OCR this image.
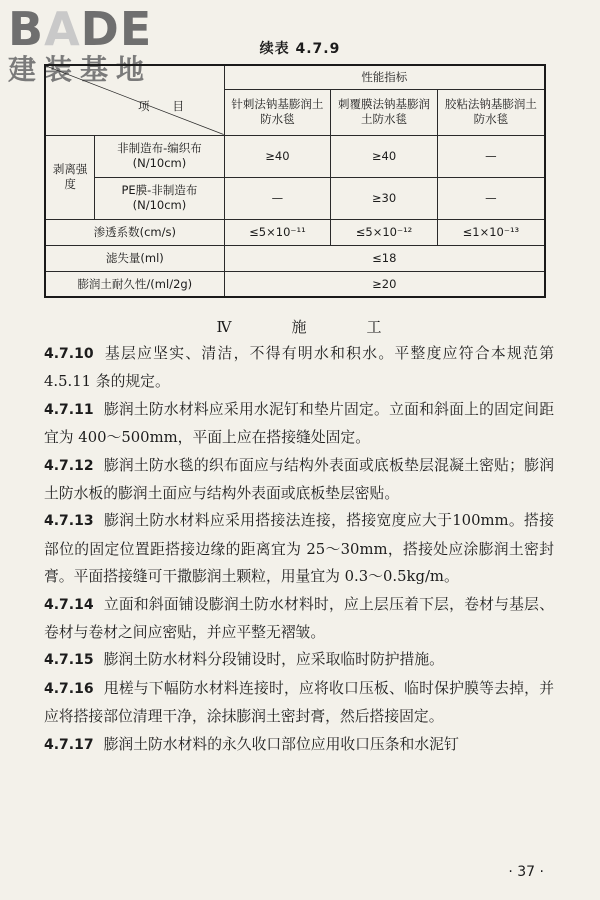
BADE
建装基地
续表 4.7.9
项　　目		性能指标		
		针刺法钠基膨润土防水毯	刺覆膜法钠基膨润土防水毯	胶粘法钠基膨润土防水毯
剥离强度	非制造布-编织布(N/10cm)	≥40	≥40	—
	PE膜-非制造布(N/10cm)	—	≥30	—
渗透系数(cm/s)		≤5×10⁻¹¹	≤5×10⁻¹²	≤1×10⁻¹³
滤失量(ml)		≤18		
膨润土耐久性/(ml/2g)		≥20		
Ⅳ	施	工

4.7.10 基层应坚实、清洁，不得有明水和积水。平整度应符合本规范第 4.5.11 条的规定。

4.7.11 膨润土防水材料应采用水泥钉和垫片固定。立面和斜面上的固定间距宜为 400～500mm，平面上应在搭接缝处固定。

4.7.12 膨润土防水毯的织布面应与结构外表面或底板垫层混凝土密贴；膨润土防水板的膨润土面应与结构外表面或底板垫层密贴。

4.7.13 膨润土防水材料应采用搭接法连接，搭接宽度应大于100mm。搭接部位的固定位置距搭接边缘的距离宜为 25～30mm，搭接处应涂膨润土密封膏。平面搭接缝可干撒膨润土颗粒，用量宜为 0.3～0.5kg/m。

4.7.14 立面和斜面铺设膨润土防水材料时，应上层压着下层，卷材与基层、卷材与卷材之间应密贴，并应平整无褶皱。

4.7.15 膨润土防水材料分段铺设时，应采取临时防护措施。

4.7.16 甩槎与下幅防水材料连接时，应将收口压板、临时保护膜等去掉，并应将搭接部位清理干净，涂抹膨润土密封膏，然后搭接固定。

4.7.17 膨润土防水材料的永久收口部位应用收口压条和水泥钉

· 37 ·
